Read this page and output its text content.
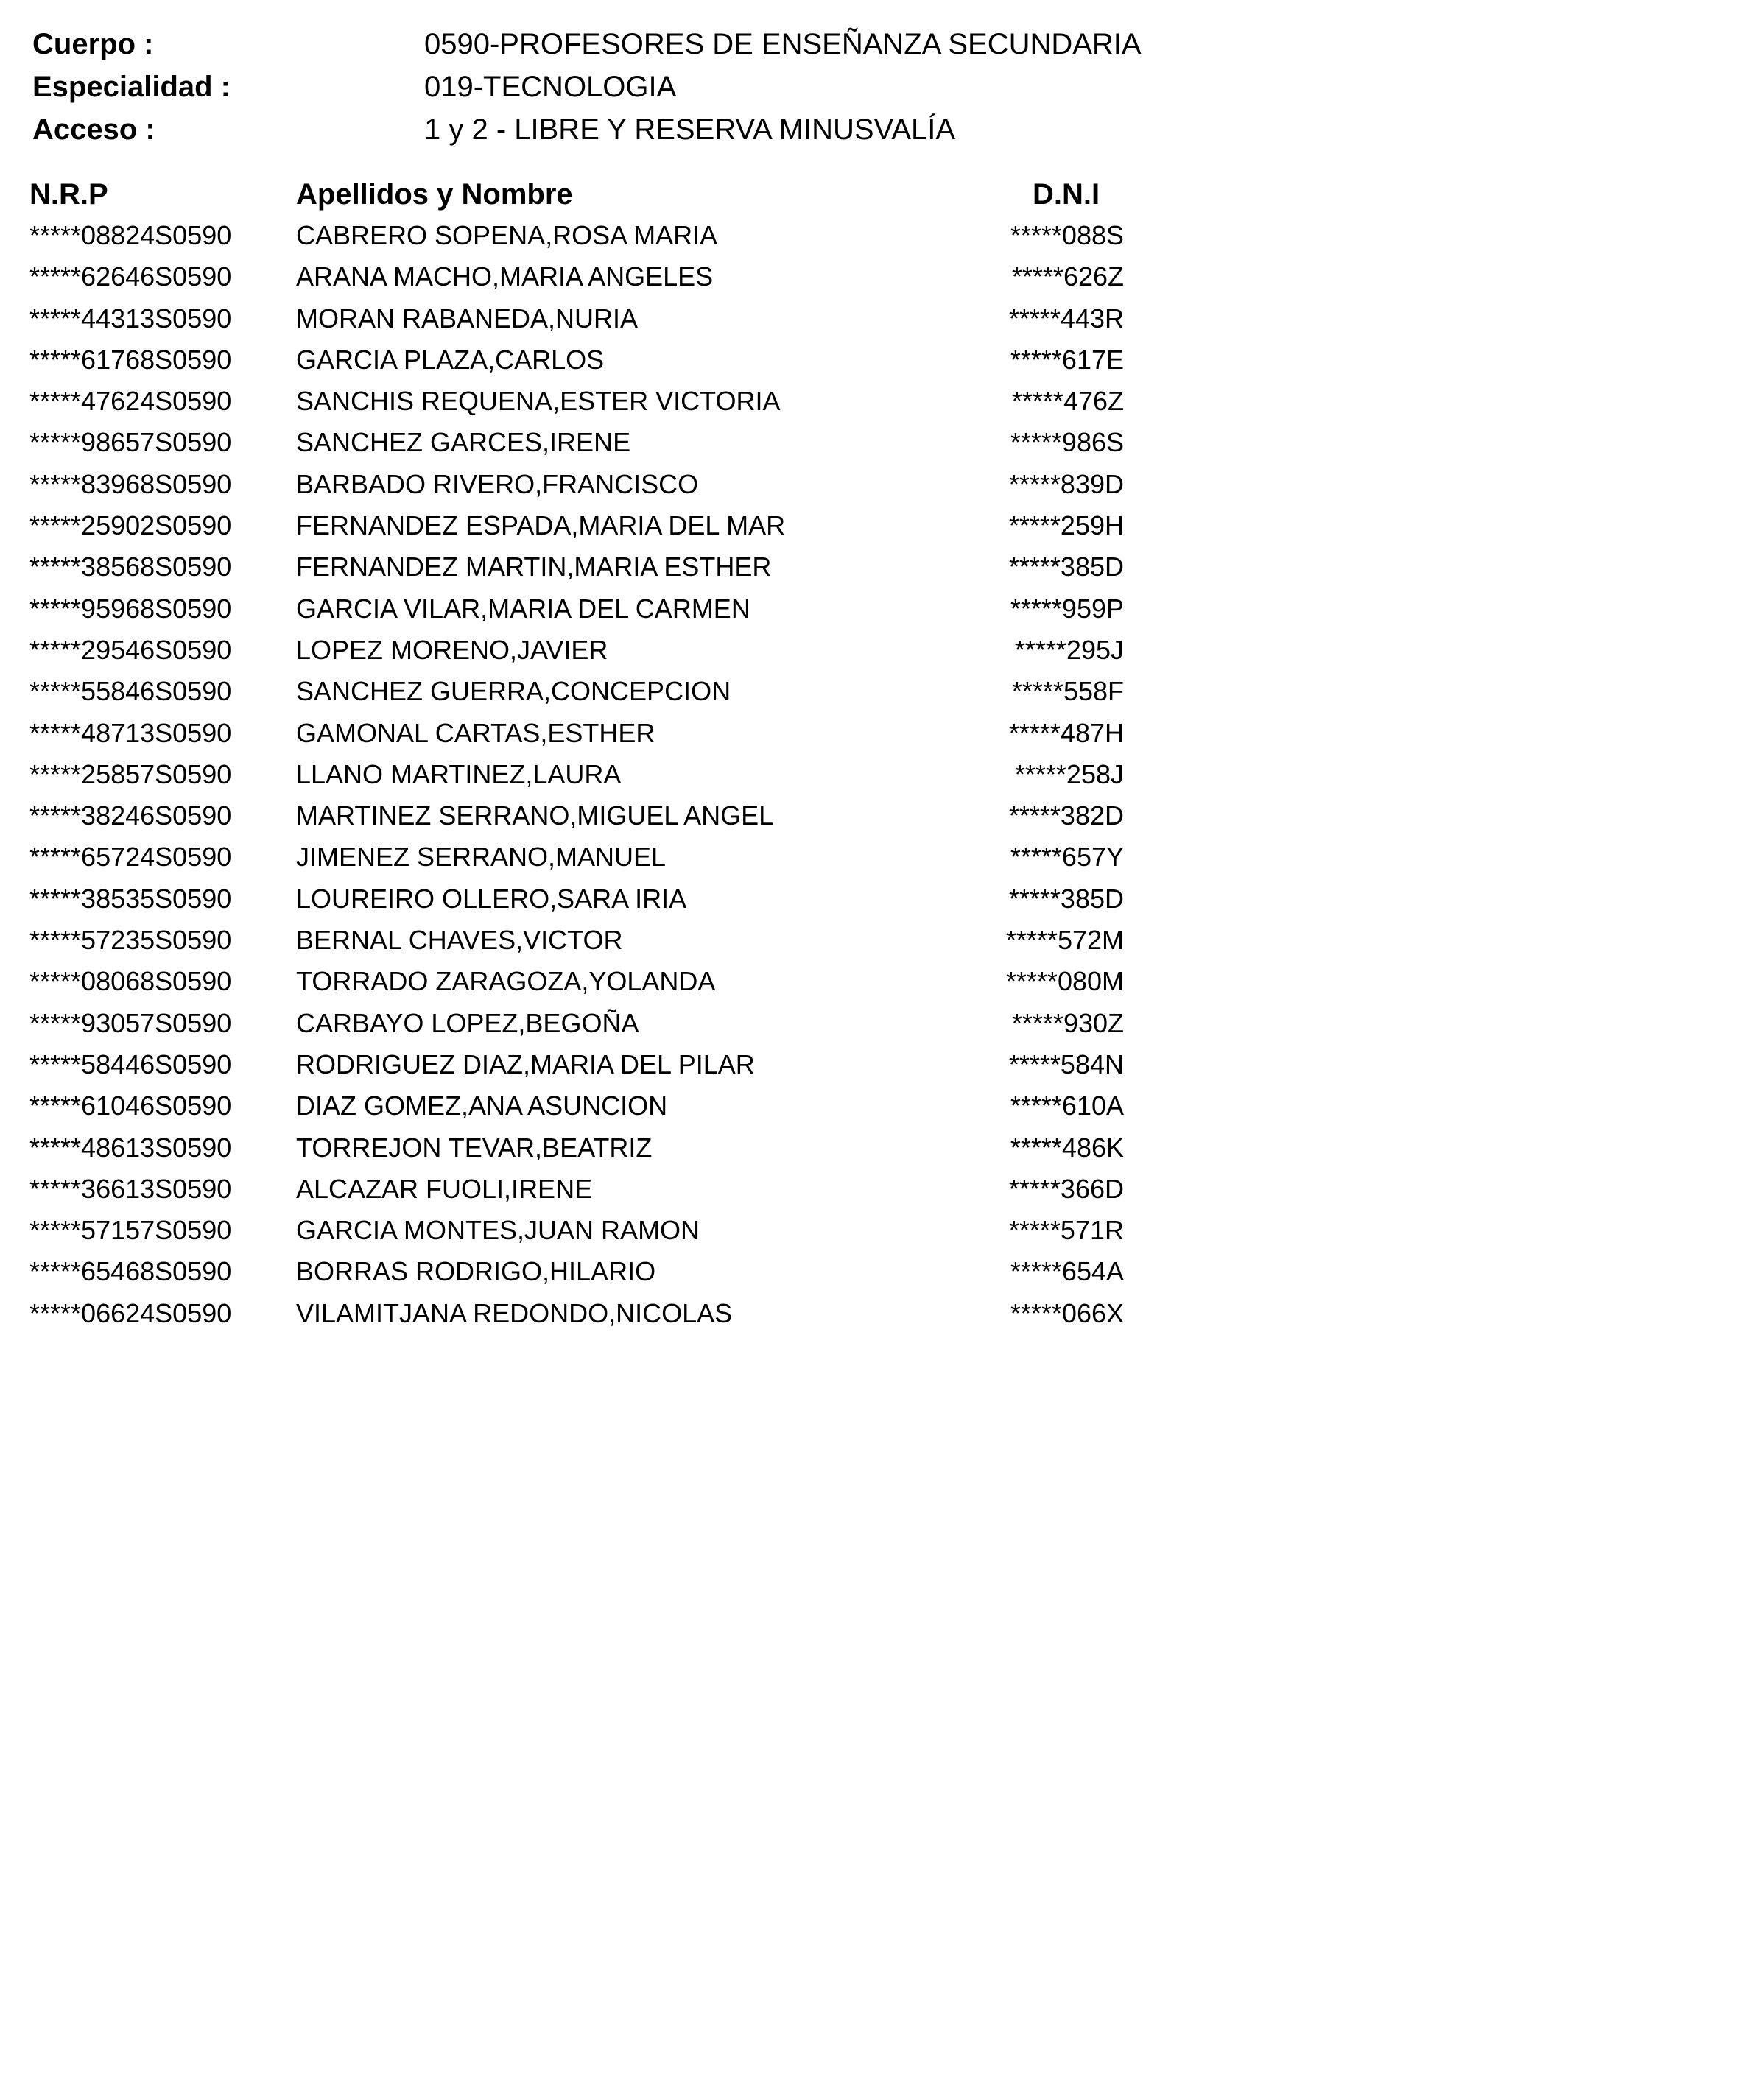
Cuerpo :	0590-PROFESORES DE ENSEÑANZA SECUNDARIA
Especialidad :	019-TECNOLOGIA
Acceso :	1 y 2 - LIBRE Y RESERVA MINUSVALÍA
N.R.P	Apellidos y Nombre	D.N.I
*****08824S0590 CABRERO SOPENA,ROSA MARIA	*****088S
*****62646S0590 ARANA MACHO,MARIA ANGELES	*****626Z
*****44313S0590 MORAN RABANEDA,NURIA	*****443R
*****61768S0590 GARCIA PLAZA,CARLOS	*****617E
*****47624S0590 SANCHIS REQUENA,ESTER VICTORIA	*****476Z
*****98657S0590 SANCHEZ GARCES,IRENE	*****986S
*****83968S0590 BARBADO RIVERO,FRANCISCO	*****839D
*****25902S0590 FERNANDEZ ESPADA,MARIA DEL MAR	*****259H
*****38568S0590 FERNANDEZ MARTIN,MARIA ESTHER	*****385D
*****95968S0590 GARCIA VILAR,MARIA DEL CARMEN	*****959P
*****29546S0590 LOPEZ MORENO,JAVIER	*****295J
*****55846S0590 SANCHEZ GUERRA,CONCEPCION	*****558F
*****48713S0590 GAMONAL CARTAS,ESTHER	*****487H
*****25857S0590 LLANO MARTINEZ,LAURA	*****258J
*****38246S0590 MARTINEZ SERRANO,MIGUEL ANGEL	*****382D
*****65724S0590 JIMENEZ SERRANO,MANUEL	*****657Y
*****38535S0590 LOUREIRO OLLERO,SARA IRIA	*****385D
*****57235S0590 BERNAL CHAVES,VICTOR	*****572M
*****08068S0590 TORRADO ZARAGOZA,YOLANDA	*****080M
*****93057S0590 CARBAYO LOPEZ,BEGOÑA	*****930Z
*****58446S0590 RODRIGUEZ DIAZ,MARIA DEL PILAR	*****584N
*****61046S0590 DIAZ GOMEZ,ANA ASUNCION	*****610A
*****48613S0590 TORREJON TEVAR,BEATRIZ	*****486K
*****36613S0590 ALCAZAR FUOLI,IRENE	*****366D
*****57157S0590 GARCIA MONTES,JUAN RAMON	*****571R
*****65468S0590 BORRAS RODRIGO,HILARIO	*****654A
*****06624S0590 VILAMITJANA REDONDO,NICOLAS	*****066X
